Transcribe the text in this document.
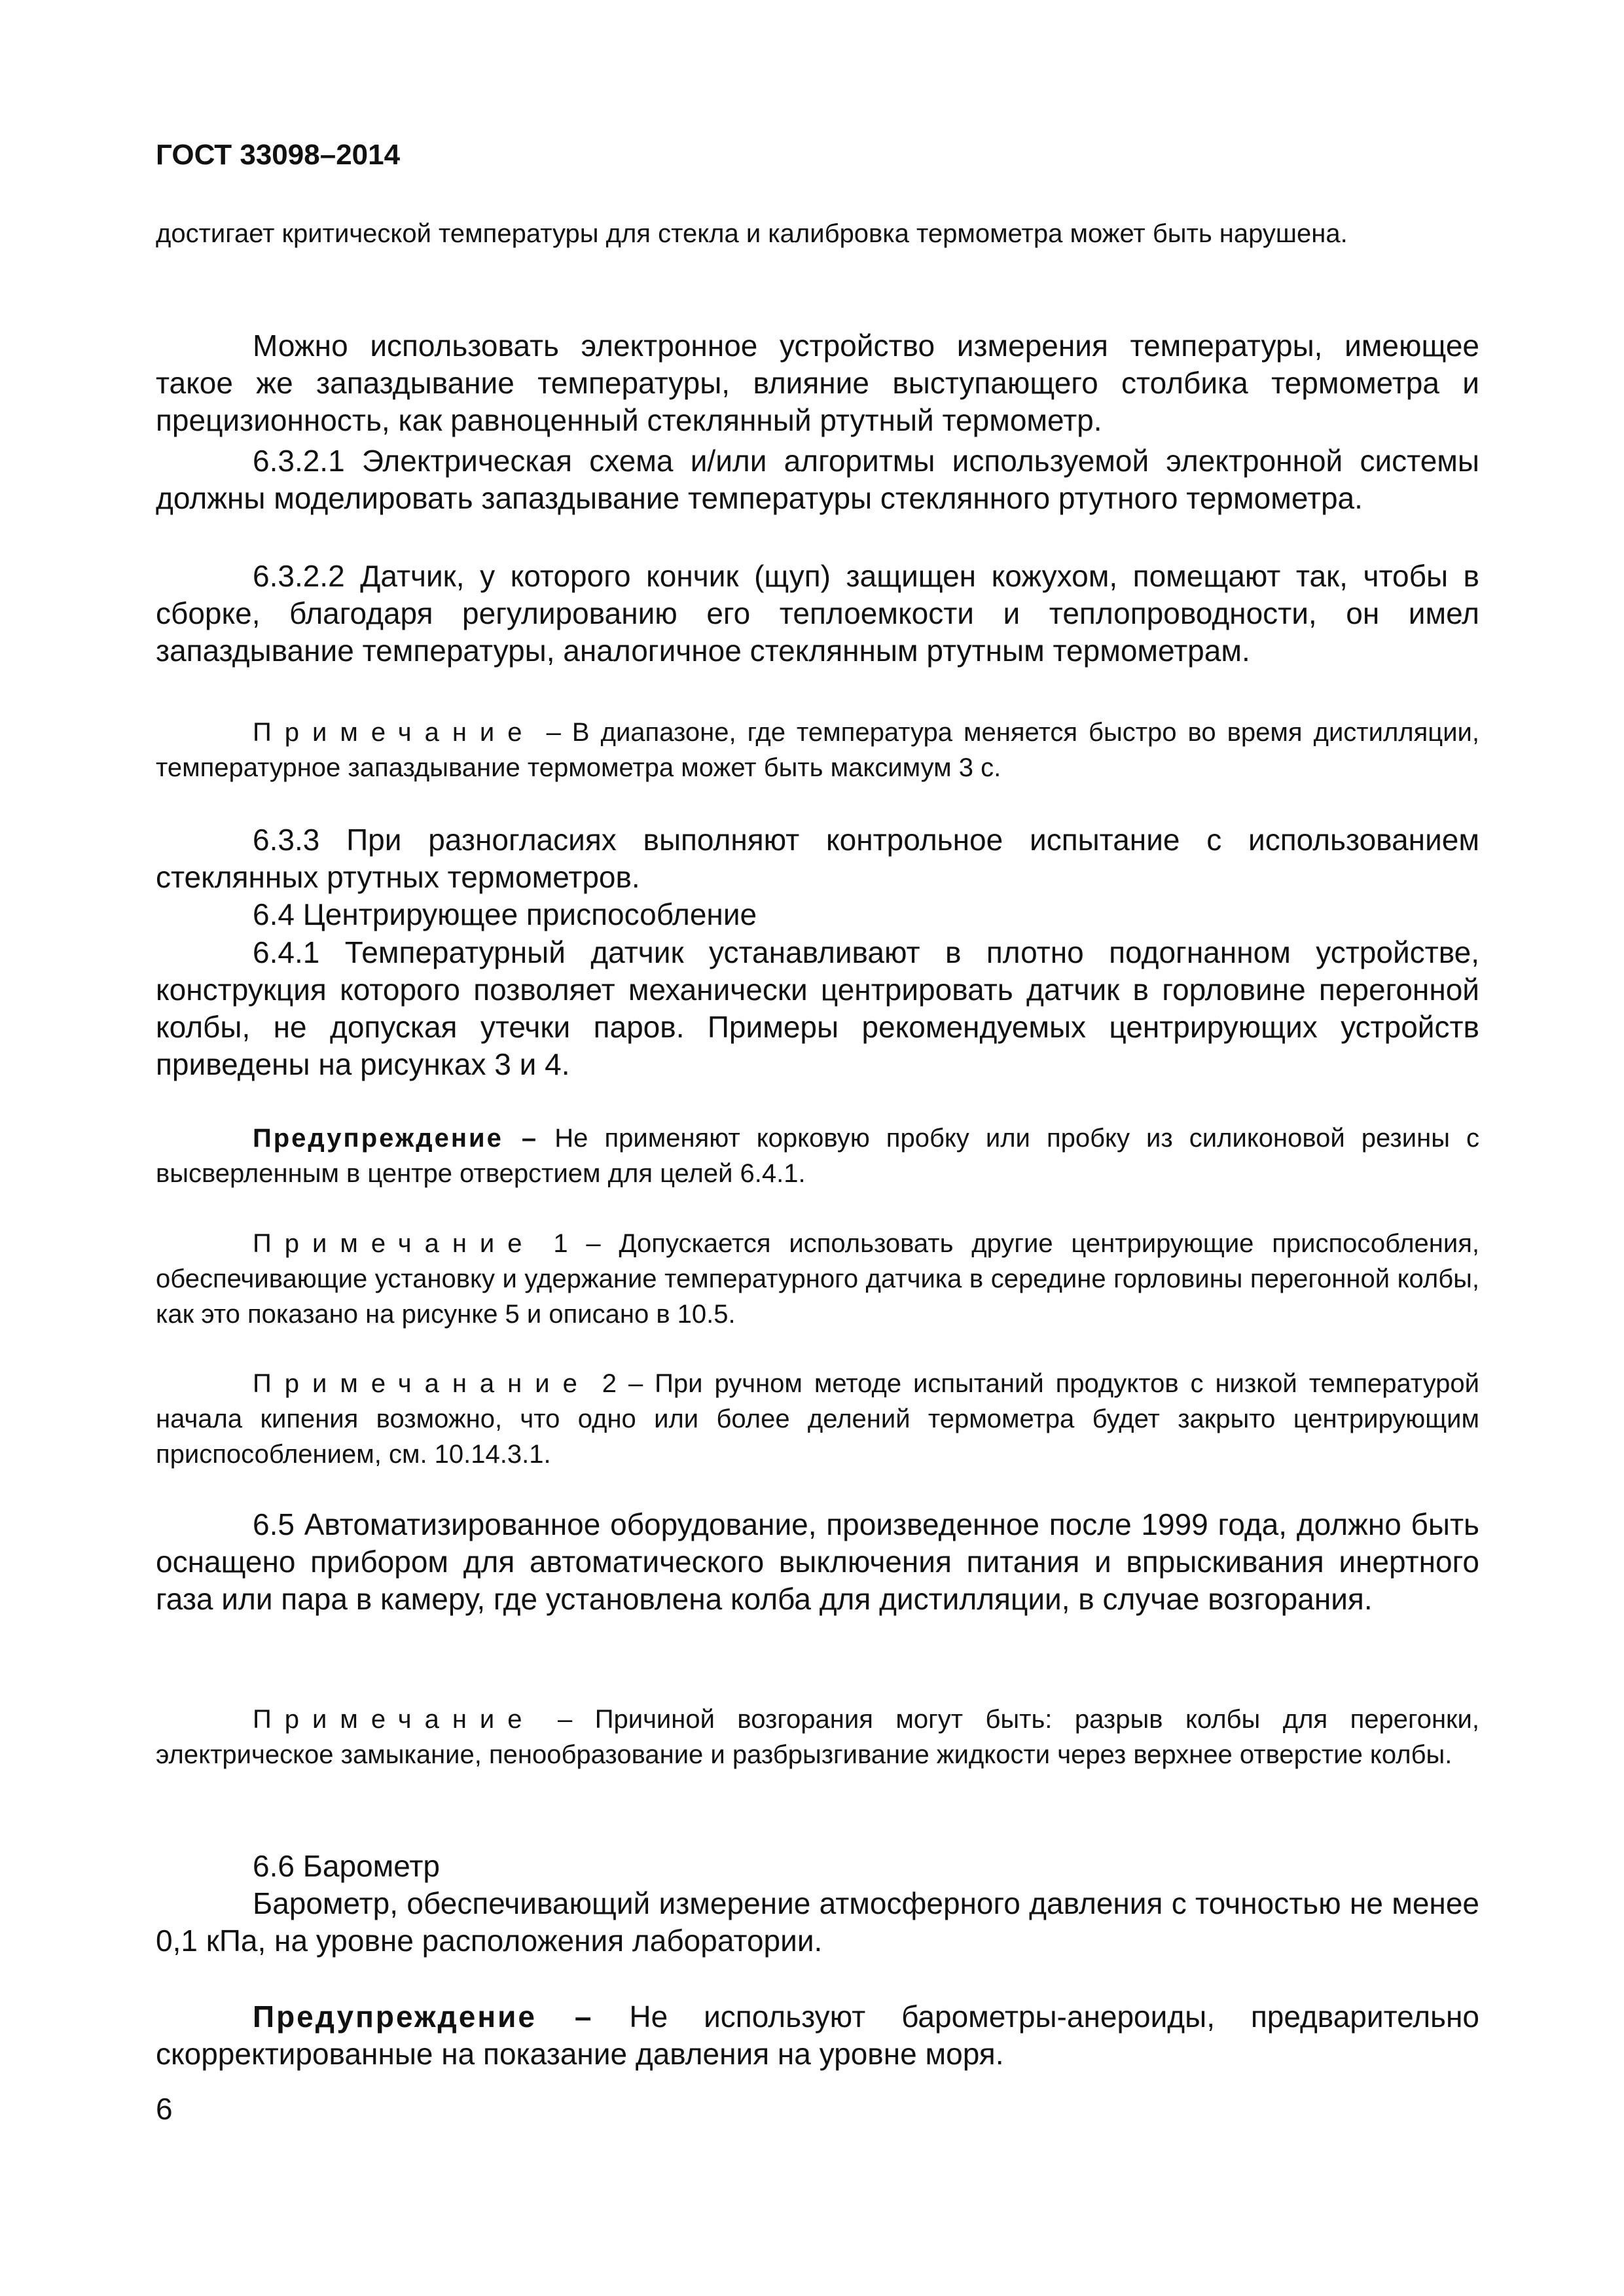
ГОСТ 33098–2014

достигает критической температуры для стекла и калибровка термометра может быть нарушена.

Можно использовать электронное устройство измерения температуры, имеющее такое же запаздывание температуры, влияние выступающего столбика термометра и прецизионность, как равноценный стеклянный ртутный термометр.

6.3.2.1 Электрическая схема и/или алгоритмы используемой электронной системы должны моделировать запаздывание температуры стеклянного ртутного термометра.

6.3.2.2 Датчик, у которого кончик (щуп) защищен кожухом, помещают так, чтобы в сборке, благодаря регулированию его теплоемкости и теплопроводности, он имел запаздывание температуры, аналогичное стеклянным ртутным термометрам.

Примечание – В диапазоне, где температура меняется быстро во время дистилляции, температурное запаздывание термометра может быть максимум 3 с.

6.3.3 При разногласиях выполняют контрольное испытание с использованием стеклянных ртутных термометров.

6.4 Центрирующее приспособление

6.4.1 Температурный датчик устанавливают в плотно подогнанном устройстве, конструкция которого позволяет механически центрировать датчик в горловине перегонной колбы, не допуская утечки паров. Примеры рекомендуемых центрирующих устройств приведены на рисунках 3 и 4.

Предупреждение – Не применяют корковую пробку или пробку из силиконовой резины с высверленным в центре отверстием для целей 6.4.1.

Примечание 1 – Допускается использовать другие центрирующие приспособления, обеспечивающие установку и удержание температурного датчика в середине горловины перегонной колбы, как это показано на рисунке 5 и описано в 10.5.

Примечанание 2 – При ручном методе испытаний продуктов с низкой температурой начала кипения возможно, что одно или более делений термометра будет закрыто центрирующим приспособлением, см. 10.14.3.1.

6.5 Автоматизированное оборудование, произведенное после 1999 года, должно быть оснащено прибором для автоматического выключения питания и впрыскивания инертного газа или пара в камеру, где установлена колба для дистилляции, в случае возгорания.

Примечание – Причиной возгорания могут быть: разрыв колбы для перегонки, электрическое замыкание, пенообразование и разбрызгивание жидкости через верхнее отверстие колбы.

6.6 Барометр

Барометр, обеспечивающий измерение атмосферного давления с точностью не менее 0,1 кПа, на уровне расположения лаборатории.

Предупреждение – Не используют барометры-анероиды, предварительно скорректированные на показание давления на уровне моря.

6
